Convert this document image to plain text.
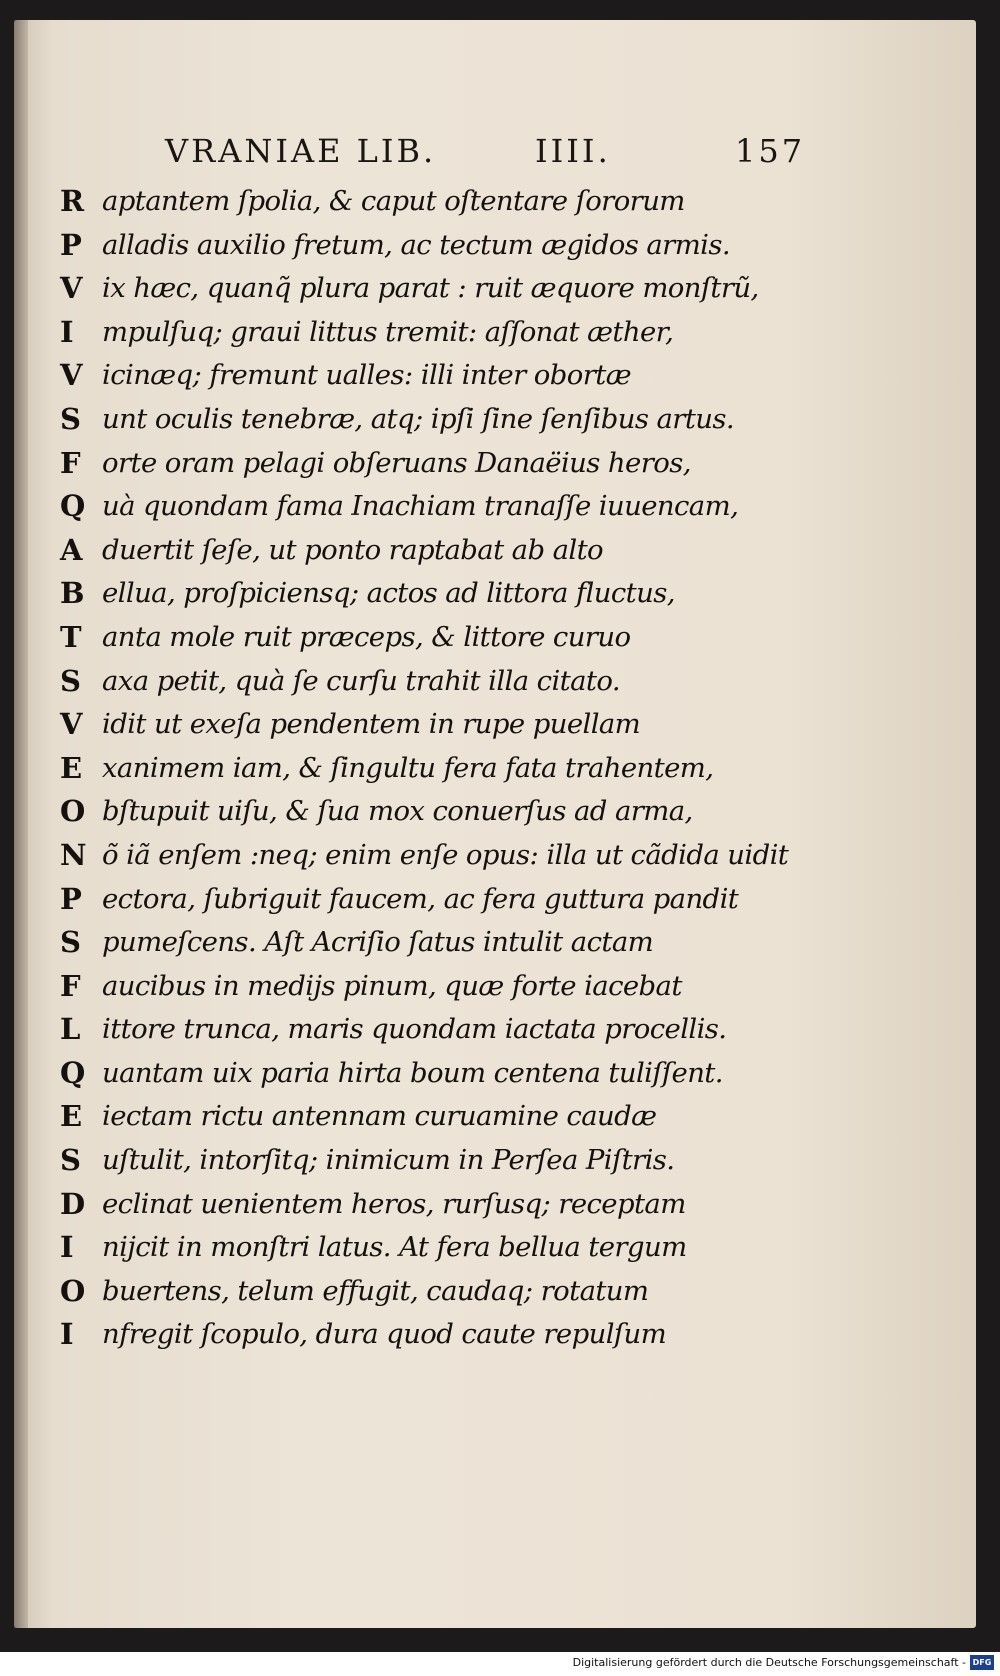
VRANIAE LIB.	IIII.	157
R aptantem ſpolia, & caput oſtentare ſororum
P alladis auxilio fretum, ac tectum ægidos armis.
V ix hæc, quanq̃ plura parat : ruit æquore monſtrũ,
I	mpulſuq; graui littus tremit: aſſonat æther,
V icinæq; fremunt ualles: illi inter obortæ
S unt oculis tenebræ, atq; ipſi ſine ſenſibus artus.
F orte oram pelagi obſeruans Danaëius heros,
Q uà quondam fama Inachiam tranaſſe iuuencam,
A duertit ſeſe, ut ponto raptabat ab alto
B ellua, proſpiciensq; actos ad littora fluctus,
T anta mole ruit præceps, & littore curuo
S axa petit, quà ſe curſu trahit illa citato.
V idit ut exeſa pendentem in rupe puellam
E xanimem iam, & ſingultu fera fata trahentem,
O bſtupuit uiſu, & ſua mox conuerſus ad arma,
N õ iã enſem :neq; enim enſe opus: illa ut cãdida uidit
P ectora, ſubriguit faucem, ac fera guttura pandit
S pumeſcens. Aſt Acriſio ſatus intulit actam
F aucibus in medijs pinum, quæ forte iacebat
L ittore trunca, maris quondam iactata procellis.
Q uantam uix paria hirta boum centena tuliſſent.
E iectam rictu antennam curuamine caudæ
S uſtulit, intorſitq; inimicum in Perſea Piſtris.
D eclinat uenientem heros, rurſusq; receptam
I	nijcit in monſtri latus. At fera bellua tergum
O buertens, telum effugit, caudaq; rotatum
I	nfregit ſcopulo, dura quod caute repulſum
Digitalisierung gefördert durch die Deutsche Forschungsgemeinschaft - DFG
